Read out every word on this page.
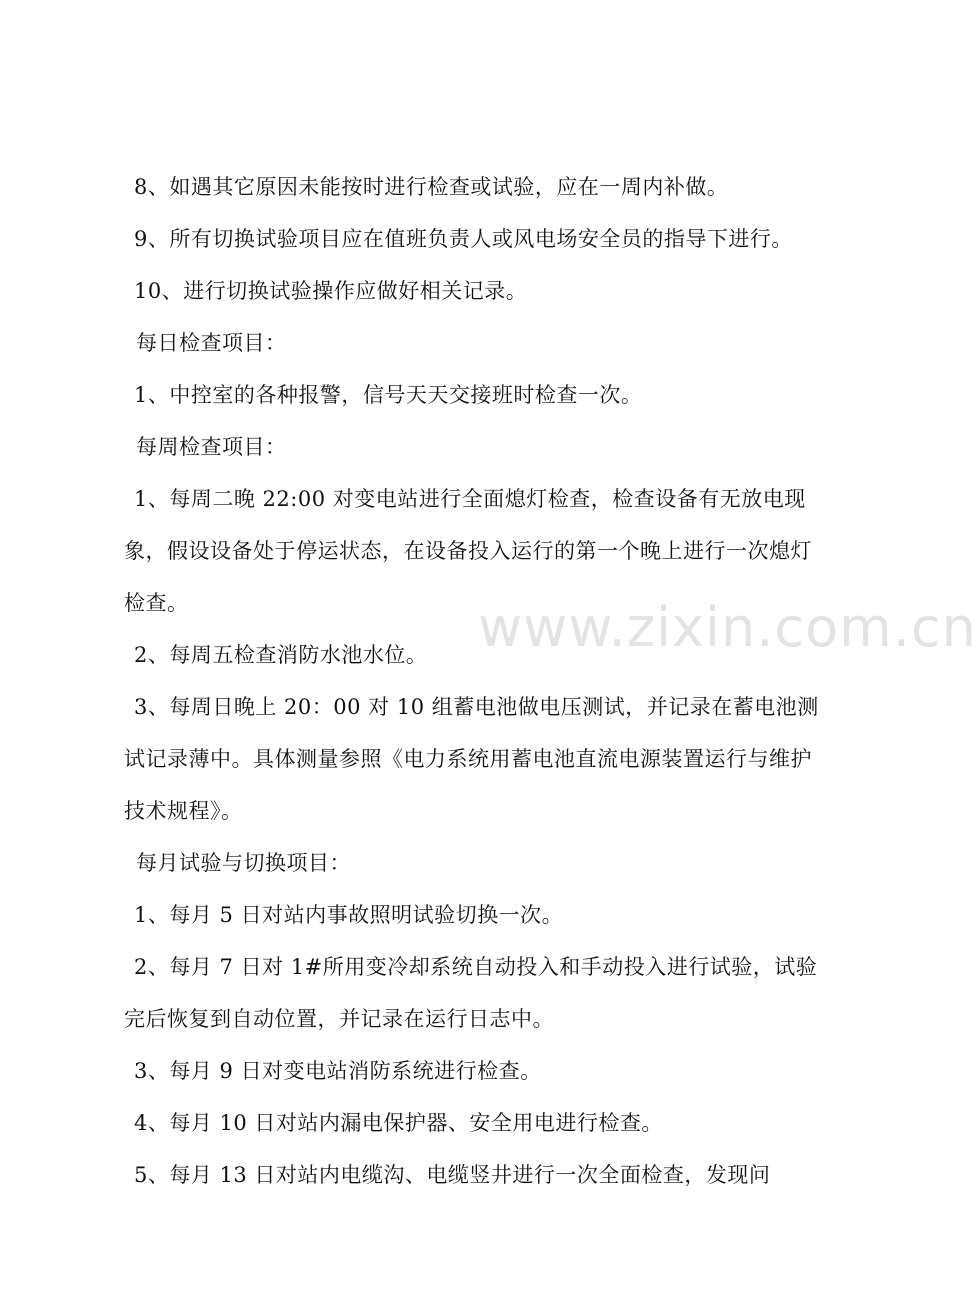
8、如遇其它原因未能按时进行检查或试验，应在一周内补做。

9、所有切换试验项目应在值班负责人或风电场安全员的指导下进行。

10、进行切换试验操作应做好相关记录。

每日检查项目：

1、中控室的各种报警，信号天天交接班时检查一次。

每周检查项目：

1、每周二晚 22:00 对变电站进行全面熄灯检查，检查设备有无放电现象，假设设备处于停运状态，在设备投入运行的第一个晚上进行一次熄灯检查。

2、每周五检查消防水池水位。

3、每周日晚上 20：00 对 10 组蓄电池做电压测试，并记录在蓄电池测试记录薄中。具体测量参照《电力系统用蓄电池直流电源装置运行与维护技术规程》。

每月试验与切换项目：

1、每月 5 日对站内事故照明试验切换一次。

2、每月 7 日对 1#所用变冷却系统自动投入和手动投入进行试验，试验完后恢复到自动位置，并记录在运行日志中。

3、每月 9 日对变电站消防系统进行检查。

4、每月 10 日对站内漏电保护器、安全用电进行检查。

5、每月 13 日对站内电缆沟、电缆竖井进行一次全面检查，发现问

www.zixin.com.cn
